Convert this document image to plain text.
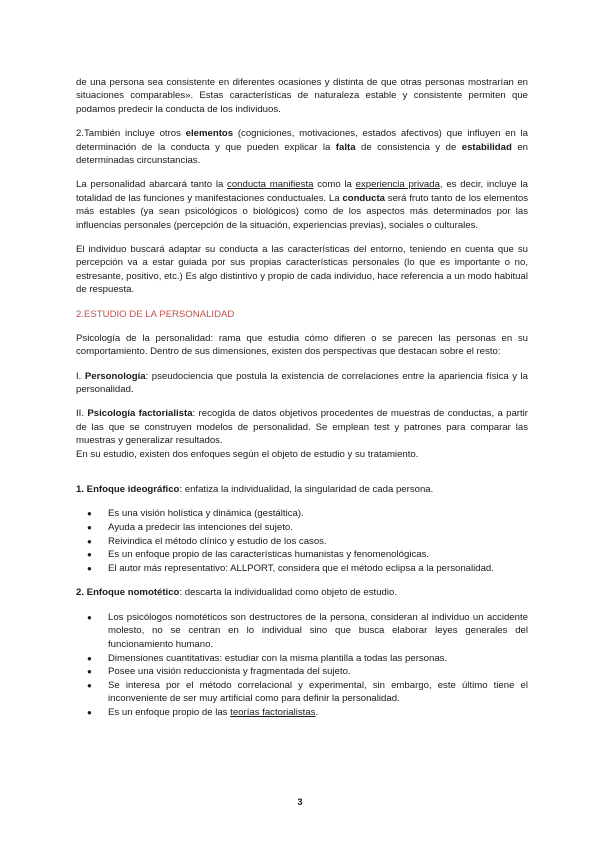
de una persona sea consistente en diferentes ocasiones y distinta de que otras personas mostrarían en situaciones comparables». Estas características de naturaleza estable y consistente permiten que podamos predecir la conducta de los individuos.

2.También incluye otros elementos (cogniciones, motivaciones, estados afectivos) que influyen en la determinación de la conducta y que pueden explicar la falta de consistencia y de estabilidad en determinadas circunstancias.

La personalidad abarcará tanto la conducta manifiesta como la experiencia privada, es decir, incluye la totalidad de las funciones y manifestaciones conductuales. La conducta será fruto tanto de los elementos más estables (ya sean psicológicos o biológicos) como de los aspectos más determinados por las influencias personales (percepción de la situación, experiencias previas), sociales o culturales.

El individuo buscará adaptar su conducta a las características del entorno, teniendo en cuenta que su percepción va a estar guiada por sus propias características personales (lo que es importante o no, estresante, positivo, etc.) Es algo distintivo y propio de cada individuo, hace referencia a un modo habitual de respuesta.

2.ESTUDIO DE LA PERSONALIDAD

Psicología de la personalidad: rama que estudia cómo difieren o se parecen las personas en su comportamiento. Dentro de sus dimensiones, existen dos perspectivas que destacan sobre el resto:

I. Personología: pseudociencia que postula la existencia de correlaciones entre la apariencia física y la personalidad.

II. Psicología factorialista: recogida de datos objetivos procedentes de muestras de conductas, a partir de las que se construyen modelos de personalidad. Se emplean test y patrones para comparar las muestras y generalizar resultados.

En su estudio, existen dos enfoques según el objeto de estudio y su tratamiento.

1. Enfoque ideográfico: enfatiza la individualidad, la singularidad de cada persona.

● Es una visión holística y dinámica (gestáltica).
● Ayuda a predecir las intenciones del sujeto.
● Reivindica el método clínico y estudio de los casos.
● Es un enfoque propio de las características humanistas y fenomenológicas.
● El autor más representativo: ALLPORT, considera que el método eclipsa a la personalidad.

2. Enfoque nomotético: descarta la individualidad como objeto de estudio.

● Los psicólogos nomotéticos son destructores de la persona, consideran al individuo un accidente molesto, no se centran en lo individual sino que busca elaborar leyes generales del funcionamiento humano.
● Dimensiones cuantitativas: estudiar con la misma plantilla a todas las personas.
● Posee una visión reduccionista y fragmentada del sujeto.
● Se interesa por el método correlacional y experimental, sin embargo, este último tiene el inconveniente de ser muy artificial como para definir la personalidad.
● Es un enfoque propio de las teorías factorialistas.
3
